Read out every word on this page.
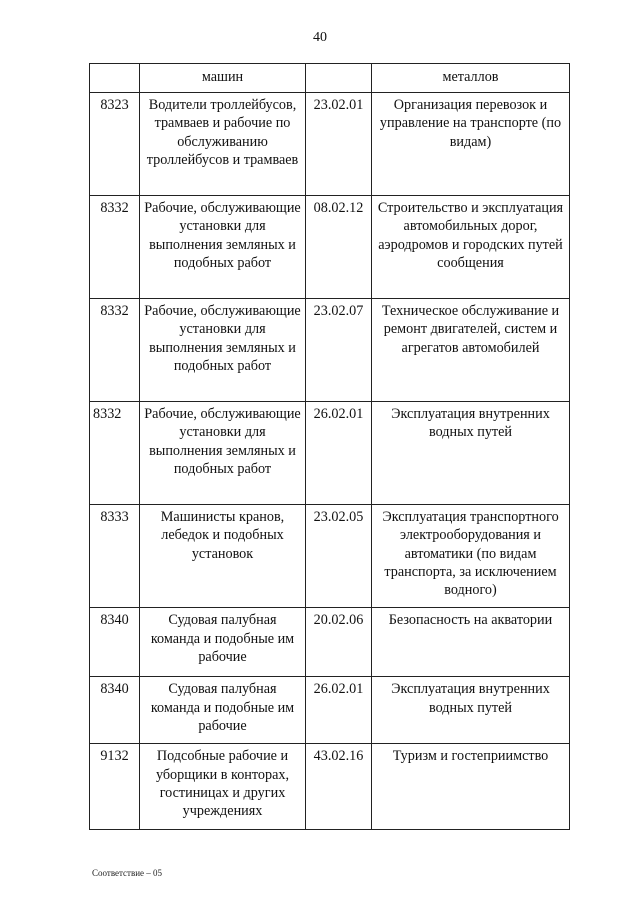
40
	машин		металлов
8323	Водители троллейбусов, трамваев и рабочие по обслуживанию троллейбусов и трамваев	23.02.01	Организация перевозок и управление на транспорте (по видам)
8332	Рабочие, обслуживающие установки для выполнения земляных и подобных работ	08.02.12	Строительство и эксплуатация автомобильных дорог, аэродромов и городских путей сообщения
8332	Рабочие, обслуживающие установки для выполнения земляных и подобных работ	23.02.07	Техническое обслуживание и ремонт двигателей, систем и агрегатов автомобилей
8332	Рабочие, обслуживающие установки для выполнения земляных и подобных работ	26.02.01	Эксплуатация внутренних водных путей
8333	Машинисты кранов, лебедок и подобных установок	23.02.05	Эксплуатация транспортного электрооборудования и автоматики (по видам транспорта, за исключением водного)
8340	Судовая палубная команда и подобные им рабочие	20.02.06	Безопасность на акватории
8340	Судовая палубная команда и подобные им рабочие	26.02.01	Эксплуатация внутренних водных путей
9132	Подсобные рабочие и уборщики в конторах, гостиницах и других учреждениях	43.02.16	Туризм и гостеприимство
Соответствие – 05
